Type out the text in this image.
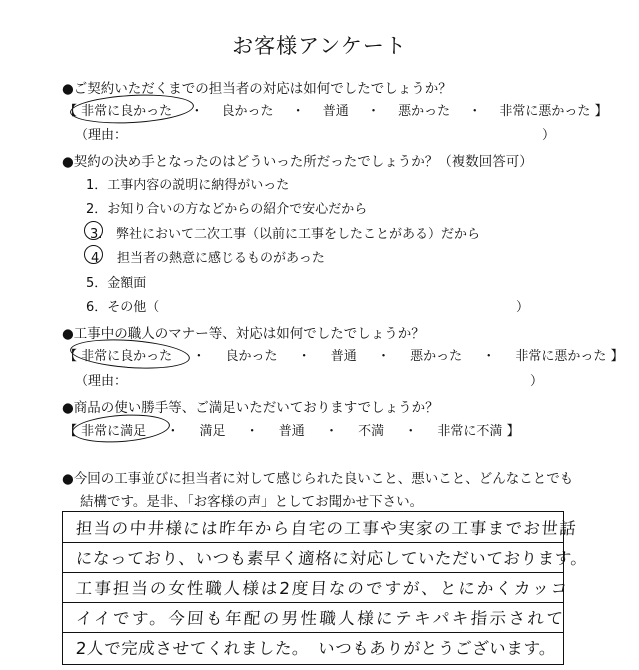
お客様アンケート
●ご契約いただくまでの担当者の対応は如何でしたでしょうか？
【 非常に良かった ・ 良かった ・ 普通 ・ 悪かった ・ 非常に悪かった 】
（理由：	）
●契約の決め手となったのはどういった所だったでしょうか？（複数回答可）
1．工事内容の説明に納得がいった
2．お知り合いの方などからの紹介で安心だから
3. 弊社において二次工事（以前に工事をしたことがある）だから
4 担当者の熱意に感じるものがあった
5．金額面
6．その他（	）
●工事中の職人のマナー等、対応は如何でしたでしょうか？
【 非常に良かった ・ 良かった ・ 普通 ・ 悪かった ・ 非常に悪かった 】
（理由：	）
●商品の使い勝手等、ご満足いただいておりますでしょうか？
【 非常に満足 ・ 満足 ・ 普通 ・ 不満 ・ 非常に不満 】
●今回の工事並びに担当者に対して感じられた良いこと、悪いこと、どんなことでも
結構です。是非、「お客様の声」としてお聞かせ下さい。
担当の中井様には昨年から自宅の工事や実家の工事までお世話
になっており、いつも素早く適格に対応していただいております。
工事担当の女性職人様は2度目なのですが、とにかくカッコ
イイです。今回も年配の男性職人様にテキパキ指示されて
2人で完成させてくれました。　いつもありがとうございます。
